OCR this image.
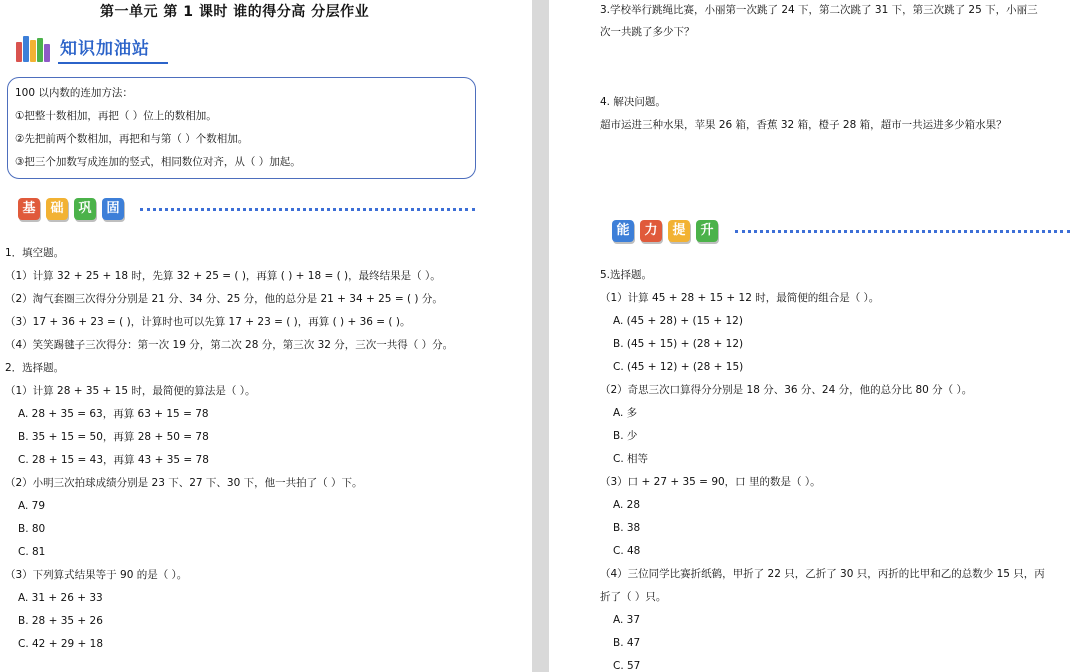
第一单元 第 1 课时 谁的得分高 分层作业
知识加油站
100 以内数的连加方法：
①把整十数相加，再把（ ）位上的数相加。
②先把前两个数相加，再把和与第（ ）个数相加。
③把三个加数写成连加的竖式，相同数位对齐，从（ ）加起。
基	础	巩	固
1．填空题。
（1）计算 32 + 25 + 18 时，先算 32 + 25 = ( )，再算 ( ) + 18 = ( )，最终结果是（ ）。
（2）淘气套圈三次得分分别是 21 分、34 分、25 分，他的总分是 21 + 34 + 25 = ( ) 分。
（3）17 + 36 + 23 = ( )，计算时也可以先算 17 + 23 = ( )，再算 ( ) + 36 = ( )。
（4）笑笑踢毽子三次得分：第一次 19 分，第二次 28 分，第三次 32 分，三次一共得（ ）分。
2．选择题。
（1）计算 28 + 35 + 15 时，最简便的算法是（ ）。
A. 28 + 35 = 63，再算 63 + 15 = 78
B. 35 + 15 = 50，再算 28 + 50 = 78
C. 28 + 15 = 43，再算 43 + 35 = 78
（2）小明三次拍球成绩分别是 23 下、27 下、30 下，他一共拍了（ ）下。
A. 79
B. 80
C. 81
（3）下列算式结果等于 90 的是（ ）。
A. 31 + 26 + 33
B. 28 + 35 + 26
C. 42 + 29 + 18
3.学校举行跳绳比赛，小丽第一次跳了 24 下，第二次跳了 31 下，第三次跳了 25 下，小丽三
次一共跳了多少下？
4. 解决问题。
超市运进三种水果，苹果 26 箱，香蕉 32 箱，橙子 28 箱，超市一共运进多少箱水果？
能	力	提	升
5.选择题。
（1）计算 45 + 28 + 15 + 12 时，最简便的组合是（ ）。
A. (45 + 28) + (15 + 12)
B. (45 + 15) + (28 + 12)
C. (45 + 12) + (28 + 15)
（2）奇思三次口算得分分别是 18 分、36 分、24 分，他的总分比 80 分（ ）。
A. 多
B. 少
C. 相等
（3）口 + 27 + 35 = 90，口 里的数是（ ）。
A. 28
B. 38
C. 48
（4）三位同学比赛折纸鹤，甲折了 22 只，乙折了 30 只，丙折的比甲和乙的总数少 15 只，丙
折了（ ）只。
A. 37
B. 47
C. 57
